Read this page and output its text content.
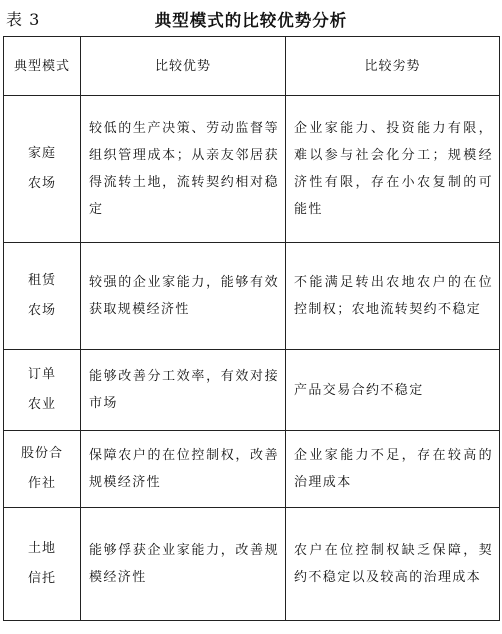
表 3	典型模式的比较优势分析
典型模式	比较优势	比较劣势

家庭农场	较低的生产决策、劳动监督等组织管理成本；从亲友邻居获得流转土地，流转契约相对稳定	企业家能力、投资能力有限，难以参与社会化分工；规模经济性有限，存在小农复制的可能性

租赁农场	较强的企业家能力，能够有效获取规模经济性	不能满足转出农地农户的在位控制权；农地流转契约不稳定

订单农业	能够改善分工效率，有效对接市场	产品交易合约不稳定

股份合作社	保障农户的在位控制权，改善规模经济性	企业家能力不足，存在较高的治理成本

土地信托	能够俘获企业家能力，改善规模经济性	农户在位控制权缺乏保障，契约不稳定以及较高的治理成本
